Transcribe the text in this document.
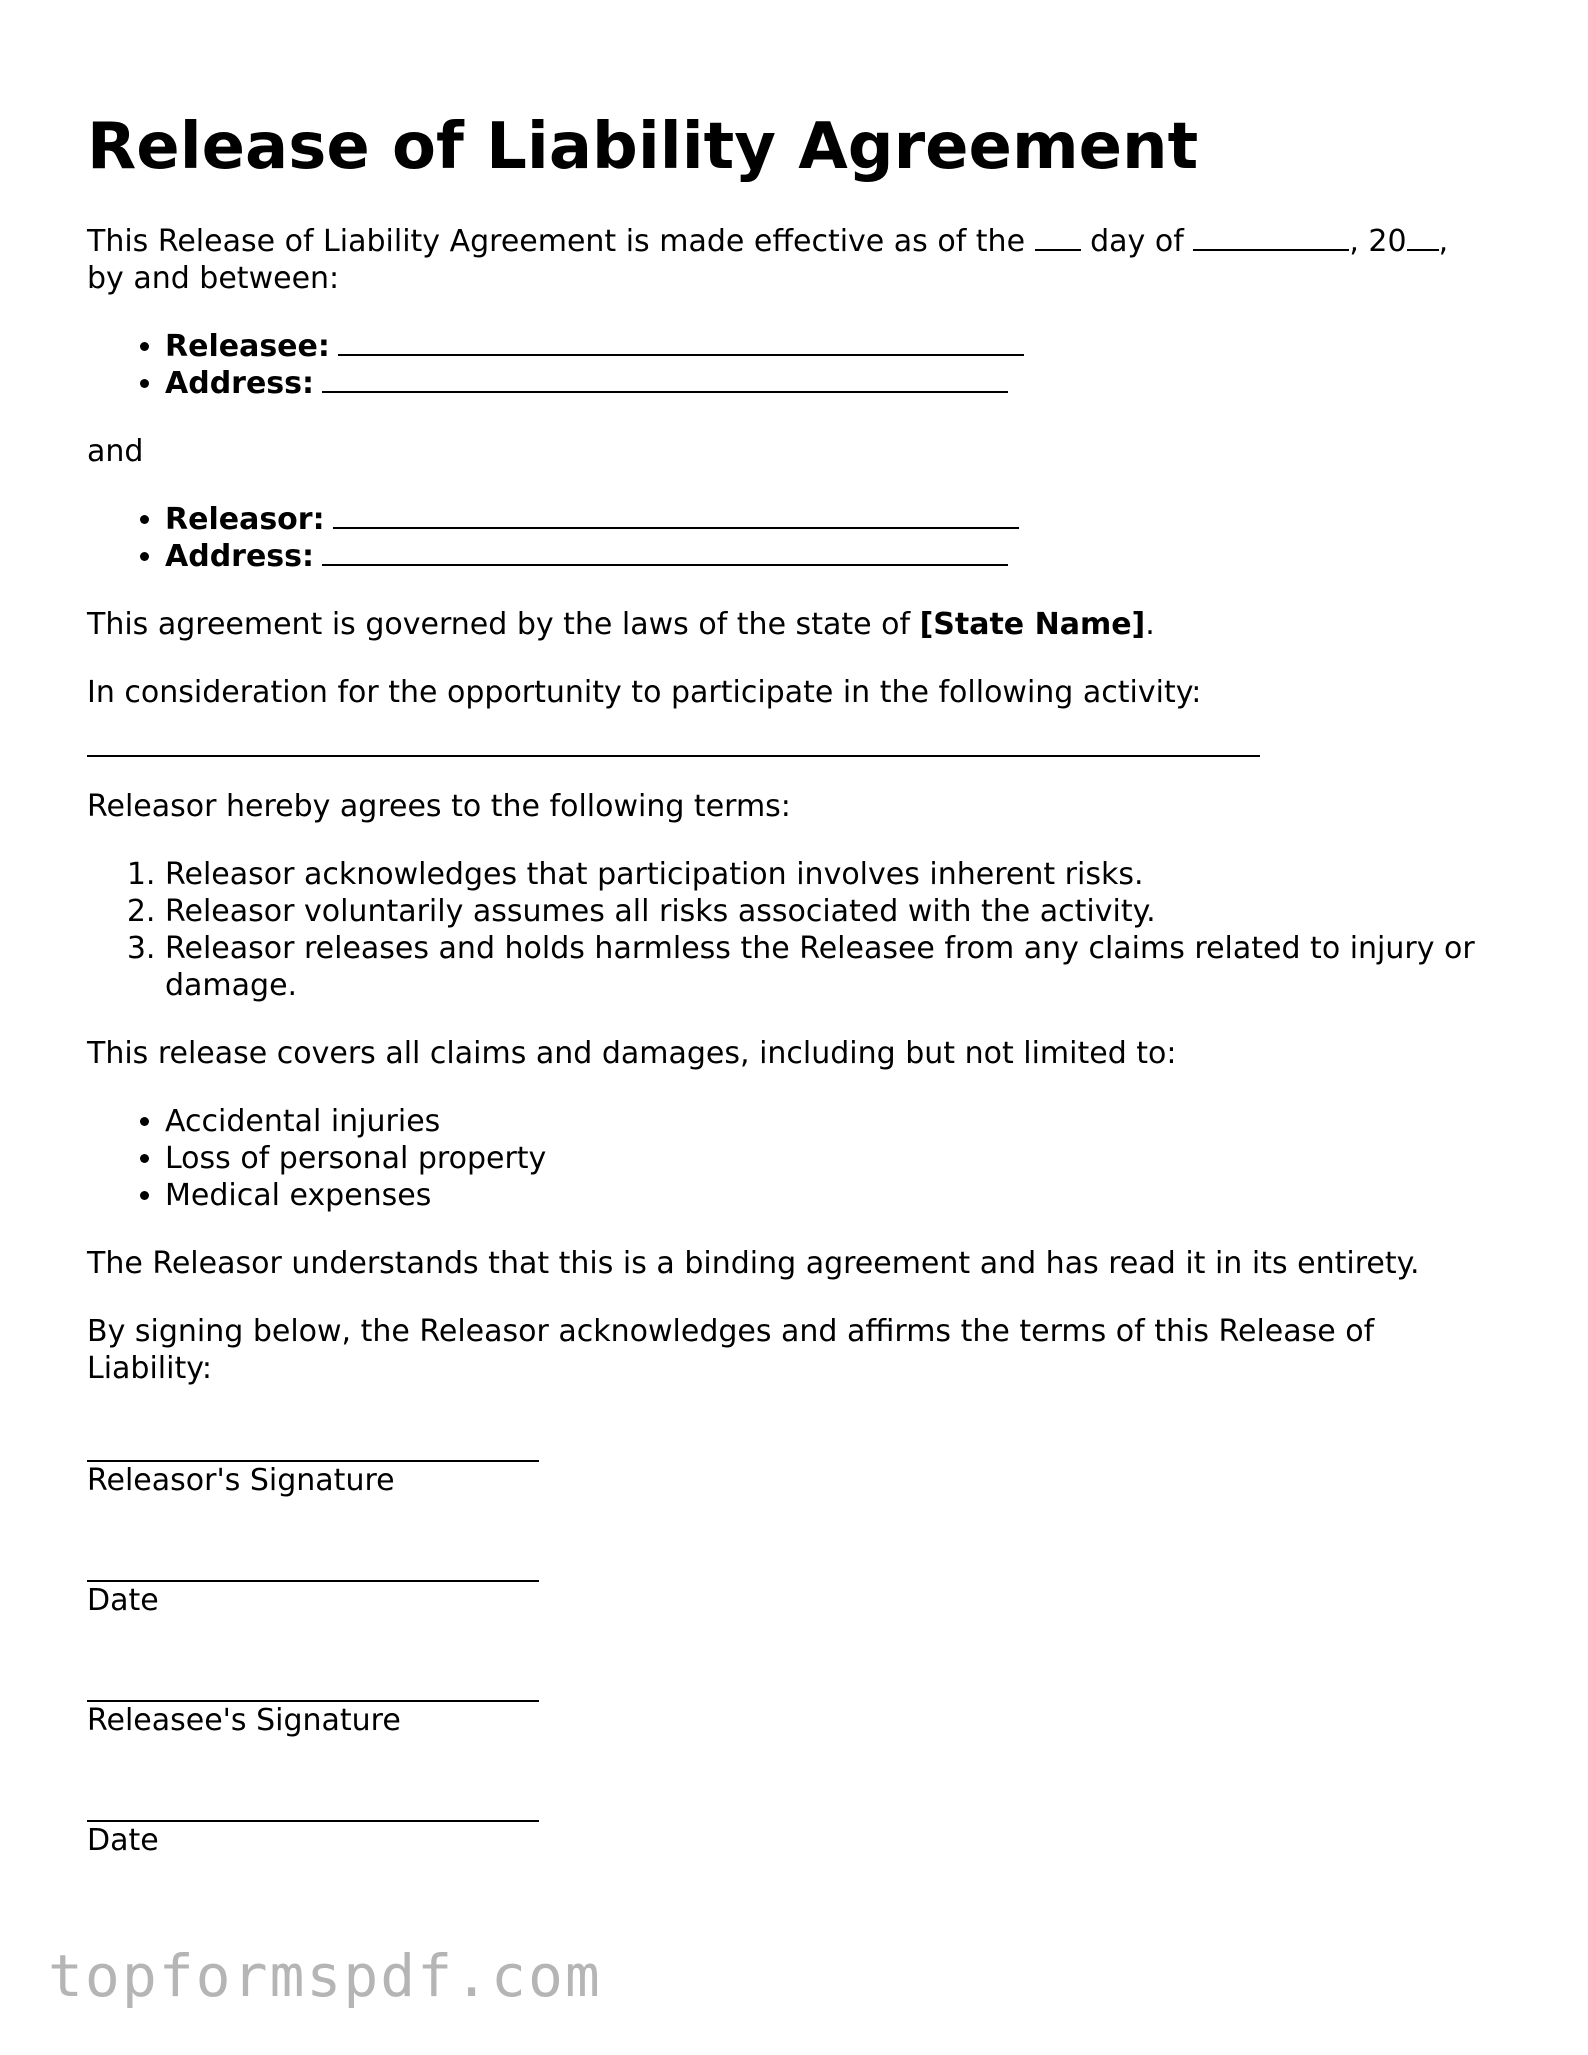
Release of Liability Agreement

This Release of Liability Agreement is made effective as of the day of	, 20 ,
by and between:

• Releasee:
• Address:

and

• Releasor:
• Address:

This agreement is governed by the laws of the state of [State Name].

In consideration for the opportunity to participate in the following activity:

Releasor hereby agrees to the following terms:

1. Releasor acknowledges that participation involves inherent risks.
2. Releasor voluntarily assumes all risks associated with the activity.
3. Releasor releases and holds harmless the Releasee from any claims related to injury or damage.

This release covers all claims and damages, including but not limited to:

• Accidental injuries
• Loss of personal property
• Medical expenses

The Releasor understands that this is a binding agreement and has read it in its entirety.

By signing below, the Releasor acknowledges and affirms the terms of this Release of Liability:

Releasor's Signature
Date
Releasee's Signature
Date
topformspdf.com
